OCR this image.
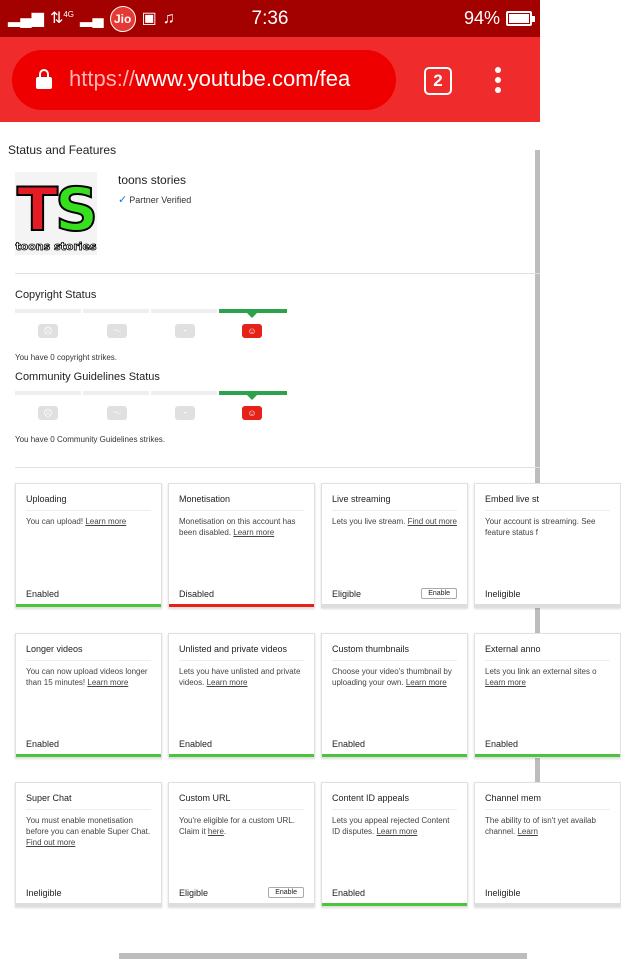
▂▄▆ ⇅ 4G ▂▄ Jio ▣ ♫	7:36	94%
https://www.youtube.com/fea	2
Status and Features
T
S
toons stories
toons stories
✓ Partner Verified
Copyright Status
☹	〜	⁃	☺
You have 0 copyright strikes.
Community Guidelines Status
☹	〜	⁃	☺
You have 0 Community Guidelines strikes.
Uploading
You can upload! Learn more
Enabled
Monetisation
Monetisation on this account has been disabled. Learn more
Disabled
Live streaming
Lets you live stream. Find out more
Eligible	Enable
Embed live st
Your account is streaming. See feature status f
Ineligible
Longer videos
You can now upload videos longer than 15 minutes! Learn more
Enabled
Unlisted and private videos
Lets you have unlisted and private videos. Learn more
Enabled
Custom thumbnails
Choose your video's thumbnail by uploading your own. Learn more
Enabled
External anno
Lets you link an external sites o Learn more
Enabled
Super Chat
You must enable monetisation before you can enable Super Chat. Find out more
Ineligible
Custom URL
You're eligible for a custom URL. Claim it here.
Eligible	Enable
Content ID appeals
Lets you appeal rejected Content ID disputes. Learn more
Enabled
Channel mem
The ability to of isn't yet availab channel. Learn
Ineligible
